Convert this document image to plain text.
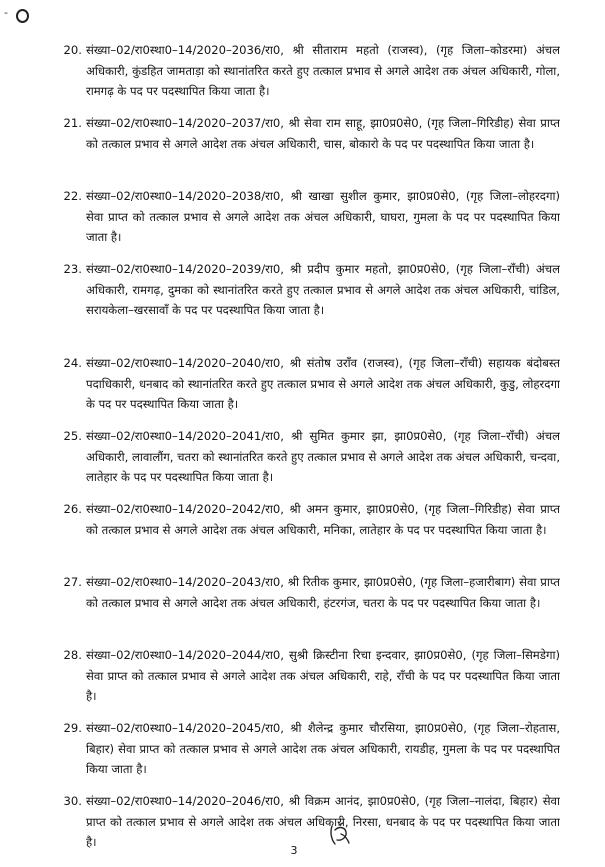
-
20. संख्या–02/रा0स्था0–14/2020–2036/रा0, श्री सीताराम महतो (राजस्व), (गृह जिला–कोडरमा) अंचल अधिकारी, कुंडहित जामताड़ा को स्थानांतरित करते हुए तत्काल प्रभाव से अगले आदेश तक अंचल अधिकारी, गोला, रामगढ़ के पद पर पदस्थापित किया जाता है।
21. संख्या–02/रा0स्था0–14/2020–2037/रा0, श्री सेवा राम साहू, झा0प्र0से0, (गृह जिला–गिरिडीह) सेवा प्राप्त को तत्काल प्रभाव से अगले आदेश तक अंचल अधिकारी, चास, बोकारो के पद पर पदस्थापित किया जाता है।
22. संख्या–02/रा0स्था0–14/2020–2038/रा0, श्री खाखा सुशील कुमार, झा0प्र0से0, (गृह जिला–लोहरदगा) सेवा प्राप्त को तत्काल प्रभाव से अगले आदेश तक अंचल अधिकारी, घाघरा, गुमला के पद पर पदस्थापित किया जाता है।
23. संख्या–02/रा0स्था0–14/2020–2039/रा0, श्री प्रदीप कुमार महतो, झा0प्र0से0, (गृह जिला–राँची) अंचल अधिकारी, रामगढ़, दुमका को स्थानांतरित करते हुए तत्काल प्रभाव से अगले आदेश तक अंचल अधिकारी, चांडिल, सरायकेला–खरसावाँ के पद पर पदस्थापित किया जाता है।
24. संख्या–02/रा0स्था0–14/2020–2040/रा0, श्री संतोष उराँव (राजस्व), (गृह जिला–राँची) सहायक बंदोबस्त पदाधिकारी, धनबाद को स्थानांतरित करते हुए तत्काल प्रभाव से अगले आदेश तक अंचल अधिकारी, कुडु, लोहरदगा के पद पर पदस्थापित किया जाता है।
25. संख्या–02/रा0स्था0–14/2020–2041/रा0, श्री सुमित कुमार झा, झा0प्र0से0, (गृह जिला–राँची) अंचल अधिकारी, लावालौंग, चतरा को स्थानांतरित करते हुए तत्काल प्रभाव से अगले आदेश तक अंचल अधिकारी, चन्दवा, लातेहार के पद पर पदस्थापित किया जाता है।
26. संख्या–02/रा0स्था0–14/2020–2042/रा0, श्री अमन कुमार, झा0प्र0से0, (गृह जिला–गिरिडीह) सेवा प्राप्त को तत्काल प्रभाव से अगले आदेश तक अंचल अधिकारी, मनिका, लातेहार के पद पर पदस्थापित किया जाता है।
27. संख्या–02/रा0स्था0–14/2020–2043/रा0, श्री रितीक कुमार, झा0प्र0से0, (गृह जिला–हजारीबाग) सेवा प्राप्त को तत्काल प्रभाव से अगले आदेश तक अंचल अधिकारी, हंटरगंज, चतरा के पद पर पदस्थापित किया जाता है।
28. संख्या–02/रा0स्था0–14/2020–2044/रा0, सुश्री क्रिस्टीना रिचा इन्दवार, झा0प्र0से0, (गृह जिला–सिमडेगा) सेवा प्राप्त को तत्काल प्रभाव से अगले आदेश तक अंचल अधिकारी, राहे, राँची के पद पर पदस्थापित किया जाता है।
29. संख्या–02/रा0स्था0–14/2020–2045/रा0, श्री शैलेन्द्र कुमार चौरसिया, झा0प्र0से0, (गृह जिला–रोहतास, बिहार) सेवा प्राप्त को तत्काल प्रभाव से अगले आदेश तक अंचल अधिकारी, रायडीह, गुमला के पद पर पदस्थापित किया जाता है।
30. संख्या–02/रा0स्था0–14/2020–2046/रा0, श्री विक्रम आनंद, झा0प्र0से0, (गृह जिला–नालंदा, बिहार) सेवा प्राप्त को तत्काल प्रभाव से अगले आदेश तक अंचल अधिकारी, निरसा, धनबाद के पद पर पदस्थापित किया जाता है।
3
